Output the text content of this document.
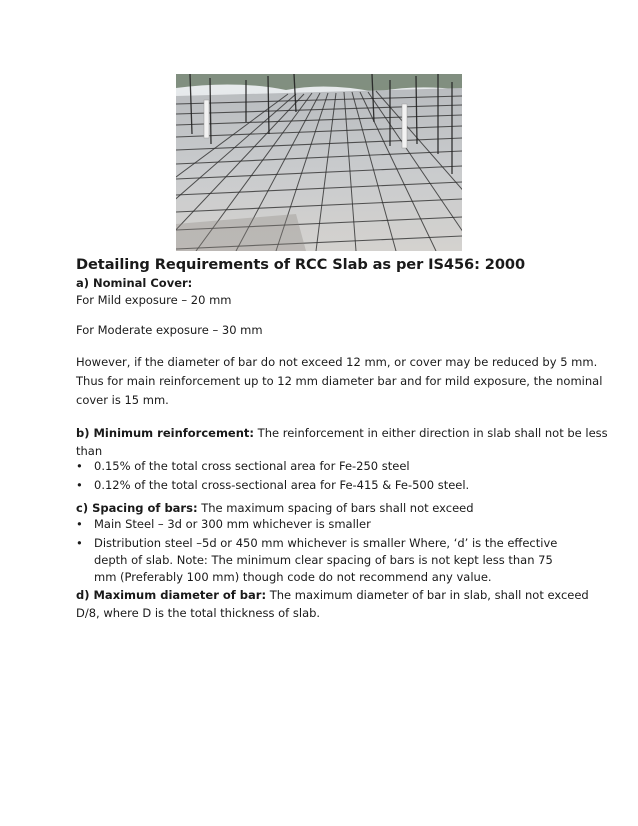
Detailing Requirements of RCC Slab as per IS456: 2000
a) Nominal Cover:
For Mild exposure – 20 mm
For Moderate exposure – 30 mm
However, if the diameter of bar do not exceed 12 mm, or cover may be reduced by 5 mm.
Thus for main reinforcement up to 12 mm diameter bar and for mild exposure, the nominal
cover is 15 mm.
b) Minimum reinforcement: The reinforcement in either direction in slab shall not be less
than
• 0.15% of the total cross sectional area for Fe-250 steel
• 0.12% of the total cross-sectional area for Fe-415 & Fe-500 steel.
c) Spacing of bars: The maximum spacing of bars shall not exceed
• Main Steel – 3d or 300 mm whichever is smaller
• Distribution steel –5d or 450 mm whichever is smaller Where, ‘d’ is the effective depth of slab. Note: The minimum clear spacing of bars is not kept less than 75 mm (Preferably 100 mm) though code do not recommend any value.
d) Maximum diameter of bar: The maximum diameter of bar in slab, shall not exceed
D/8, where D is the total thickness of slab.
